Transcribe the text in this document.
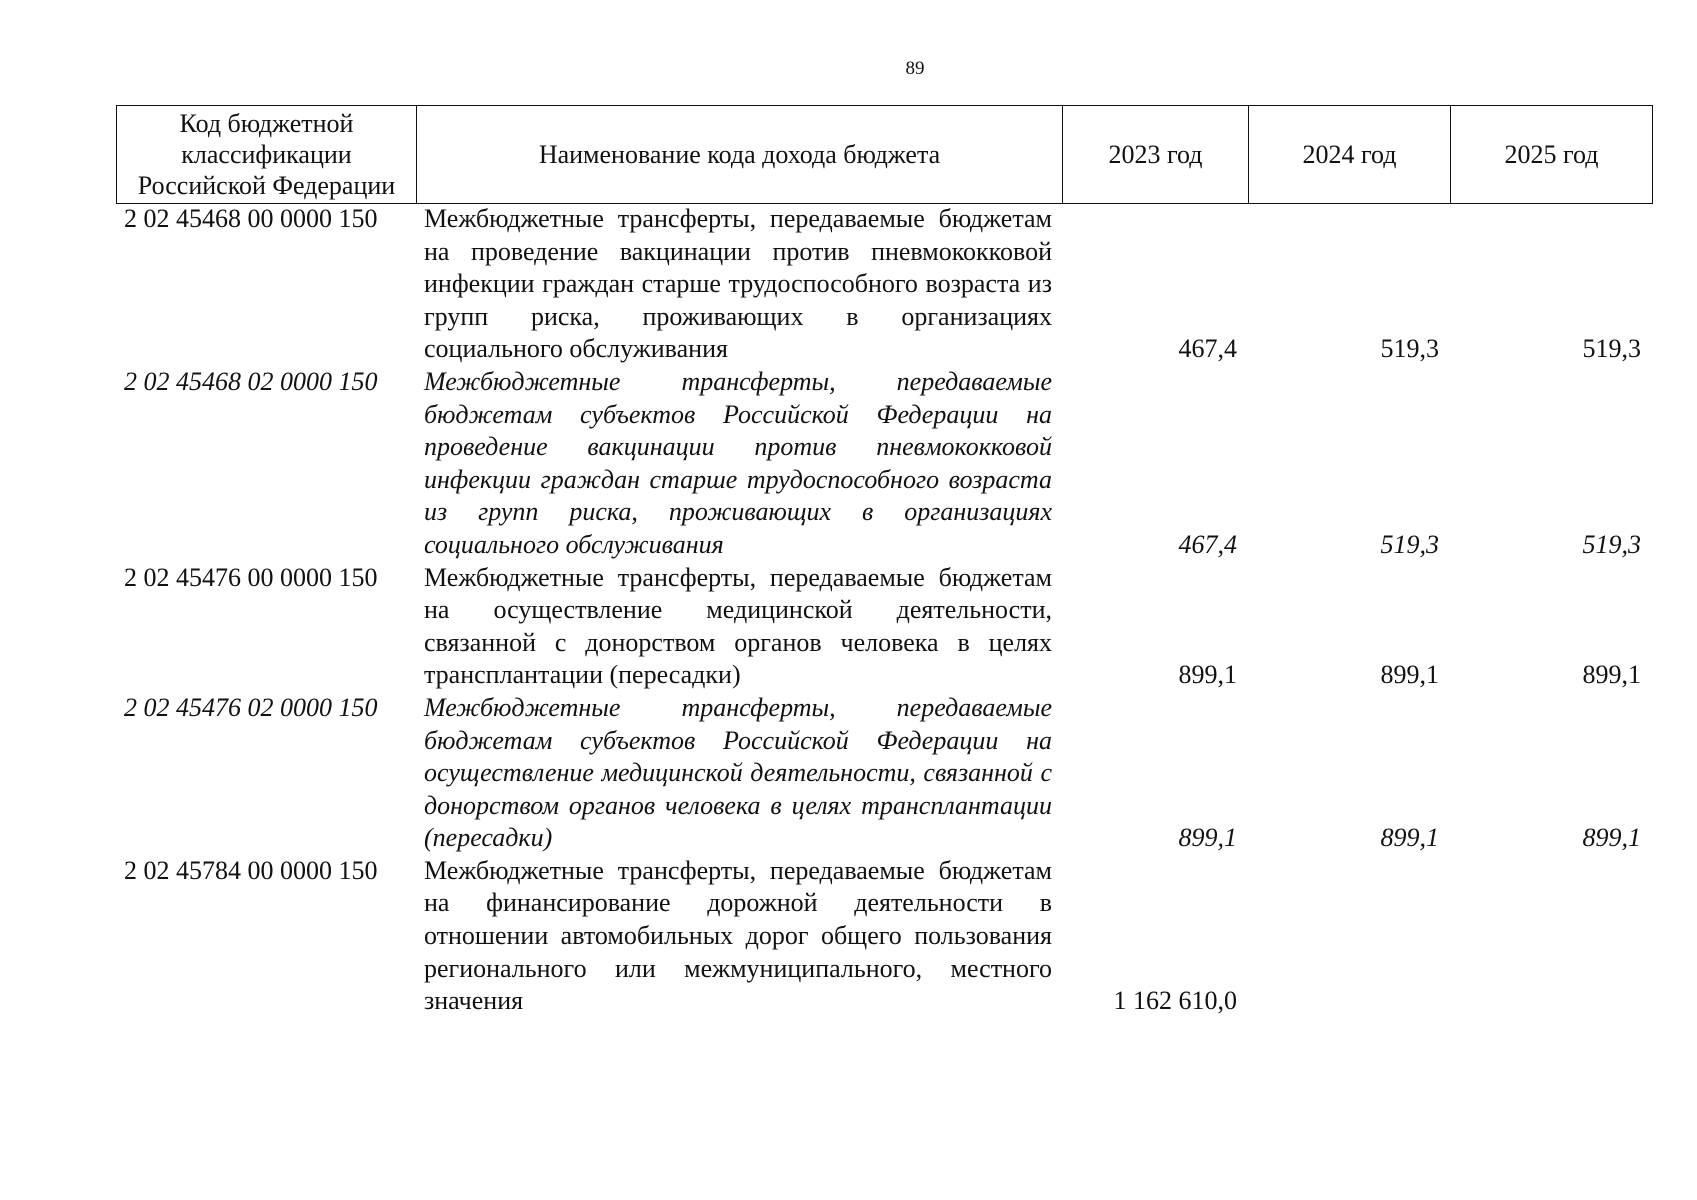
89
Код бюджетной классификации Российской Федерации	Наименование кода дохода бюджета	2023 год	2024 год	2025 год
2 02 45468 00 0000 150	Межбюджетные трансферты, передаваемые бюджетам на проведение вакцинации против пневмококковой инфекции граждан старше трудоспособного возраста из групп риска, проживающих в организациях социального обслуживания	467,4	519,3	519,3
2 02 45468 02 0000 150	Межбюджетные трансферты, передаваемые бюджетам субъектов Российской Федерации на проведение вакцинации против пневмококковой инфекции граждан старше трудоспособного возраста из групп риска, проживающих в организациях социального обслуживания	467,4	519,3	519,3
2 02 45476 00 0000 150	Межбюджетные трансферты, передаваемые бюджетам на осуществление медицинской деятельности, связанной с донорством органов человека в целях трансплантации (пересадки)	899,1	899,1	899,1
2 02 45476 02 0000 150	Межбюджетные трансферты, передаваемые бюджетам субъектов Российской Федерации на осуществление медицинской деятельности, связанной с донорством органов человека в целях трансплантации (пересадки)	899,1	899,1	899,1
2 02 45784 00 0000 150	Межбюджетные трансферты, передаваемые бюджетам на финансирование дорожной деятельности в отношении автомобильных дорог общего пользования регионального или межмуниципального, местного значения	1 162 610,0
